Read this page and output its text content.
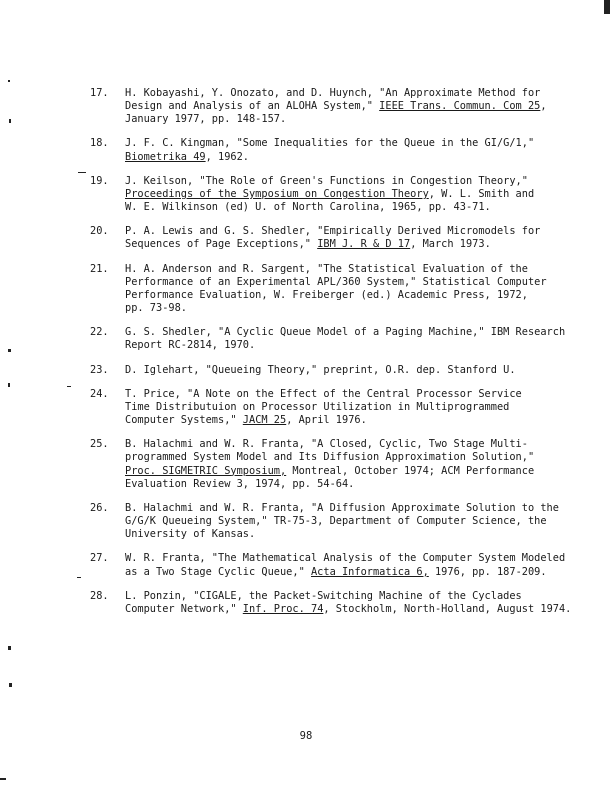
17. H. Kobayashi, Y. Onozato, and D. Huynch, "An Approximate Method for
Design and Analysis of an ALOHA System," IEEE Trans. Commun. Com 25,
January 1977, pp. 148-157.
18. J. F. C. Kingman, "Some Inequalities for the Queue in the GI/G/1,"
Biometrika 49, 1962.
19. J. Keilson, "The Role of Green's Functions in Congestion Theory,"
Proceedings of the Symposium on Congestion Theory, W. L. Smith and
W. E. Wilkinson (ed) U. of North Carolina, 1965, pp. 43-71.
20. P. A. Lewis and G. S. Shedler, "Empirically Derived Micromodels for
Sequences of Page Exceptions," IBM J. R & D 17, March 1973.
21. H. A. Anderson and R. Sargent, "The Statistical Evaluation of the
Performance of an Experimental APL/360 System," Statistical Computer
Performance Evaluation, W. Freiberger (ed.) Academic Press, 1972,
pp. 73-98.
22. G. S. Shedler, "A Cyclic Queue Model of a Paging Machine," IBM Research
Report RC-2814, 1970.
23. D. Iglehart, "Queueing Theory," preprint, O.R. dep. Stanford U.
24. T. Price, "A Note on the Effect of the Central Processor Service
Time Distributuion on Processor Utilization in Multiprogrammed
Computer Systems," JACM 25, April 1976.
25. B. Halachmi and W. R. Franta, "A Closed, Cyclic, Two Stage Multi-
programmed System Model and Its Diffusion Approximation Solution,"
Proc. SIGMETRIC Symposium, Montreal, October 1974; ACM Performance
Evaluation Review 3, 1974, pp. 54-64.
26. B. Halachmi and W. R. Franta, "A Diffusion Approximate Solution to the
G/G/K Queueing System," TR-75-3, Department of Computer Science, the
University of Kansas.
27. W. R. Franta, "The Mathematical Analysis of the Computer System Modeled
as a Two Stage Cyclic Queue," Acta Informatica 6, 1976, pp. 187-209.
28. L. Ponzin, "CIGALE, the Packet-Switching Machine of the Cyclades
Computer Network," Inf. Proc. 74, Stockholm, North-Holland, August 1974.
98
